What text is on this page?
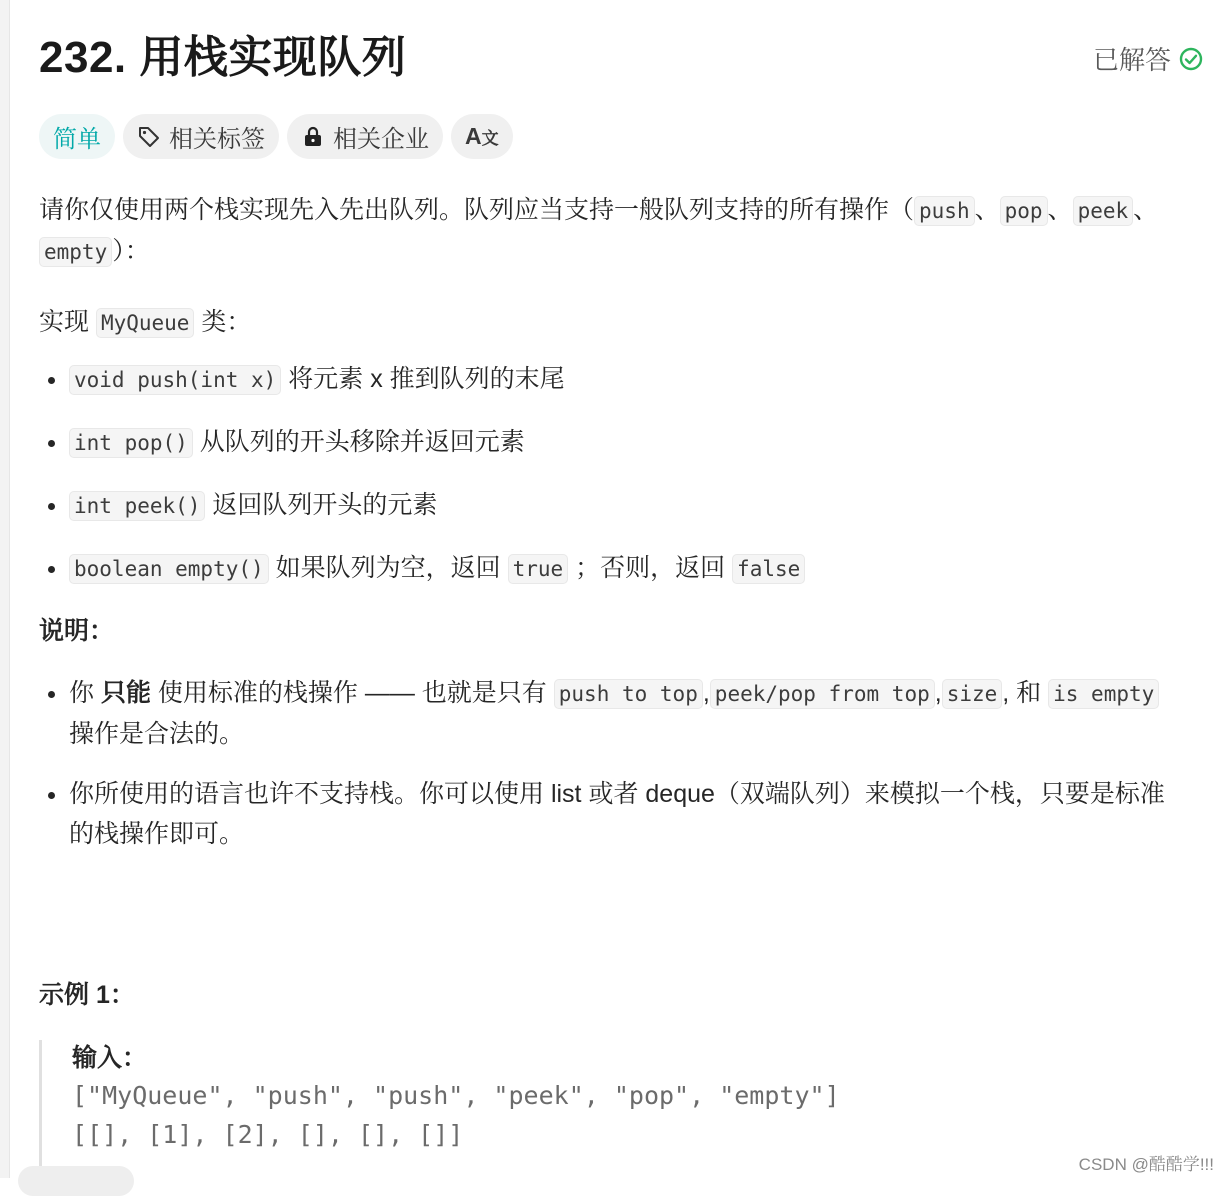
232. 用栈实现队列	已解答
简单	相关标签	相关企业 A文

请你仅使用两个栈实现先入先出队列。队列应当支持一般队列支持的所有操作（ push 、 pop 、 peek 、empty ）：

实现 MyQueue 类：

• void push(int x) 将元素 x 推到队列的末尾
• int pop() 从队列的开头移除并返回元素
• int peek() 返回队列开头的元素
• boolean empty() 如果队列为空，返回 true ；否则，返回 false

说明：

• 你 只能 使用标准的栈操作 —— 也就是只有 push to top , peek/pop from top , size , 和 is empty 操作是合法的。
• 你所使用的语言也许不支持栈。你可以使用 list 或者 deque（双端队列）来模拟一个栈，只要是标准的栈操作即可。
示例 1：
输入：
["MyQueue", "push", "push", "peek", "pop", "empty"]
[[], [1], [2], [], [], []]
CSDN @酷酷学!!!
